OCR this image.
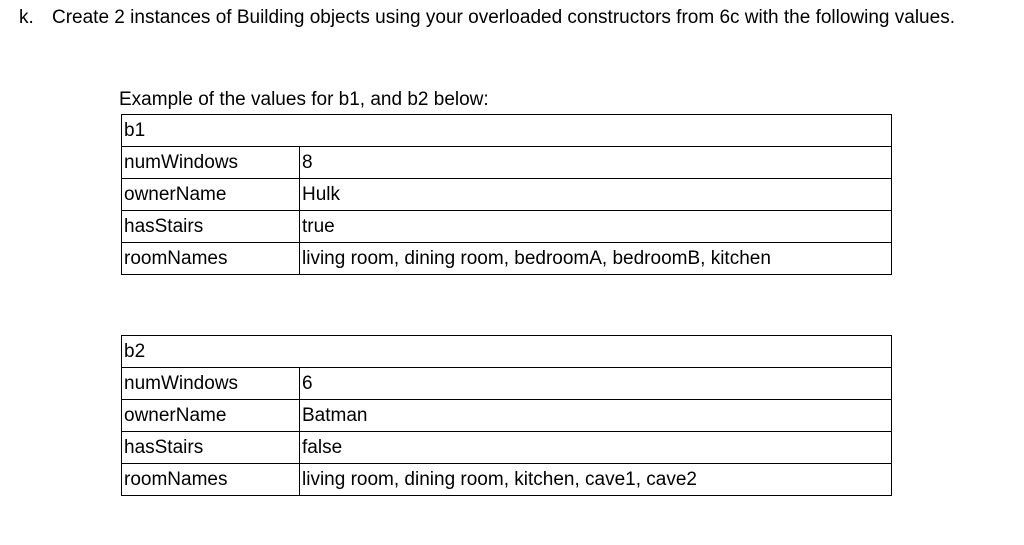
k. Create 2 instances of Building objects using your overloaded constructors from 6c with the following values.
Example of the values for b1, and b2 below:
b1	
numWindows	8
ownerName	Hulk
hasStairs	true
roomNames	living room, dining room, bedroomA, bedroomB, kitchen
b2	
numWindows	6
ownerName	Batman
hasStairs	false
roomNames	living room, dining room, kitchen, cave1, cave2
